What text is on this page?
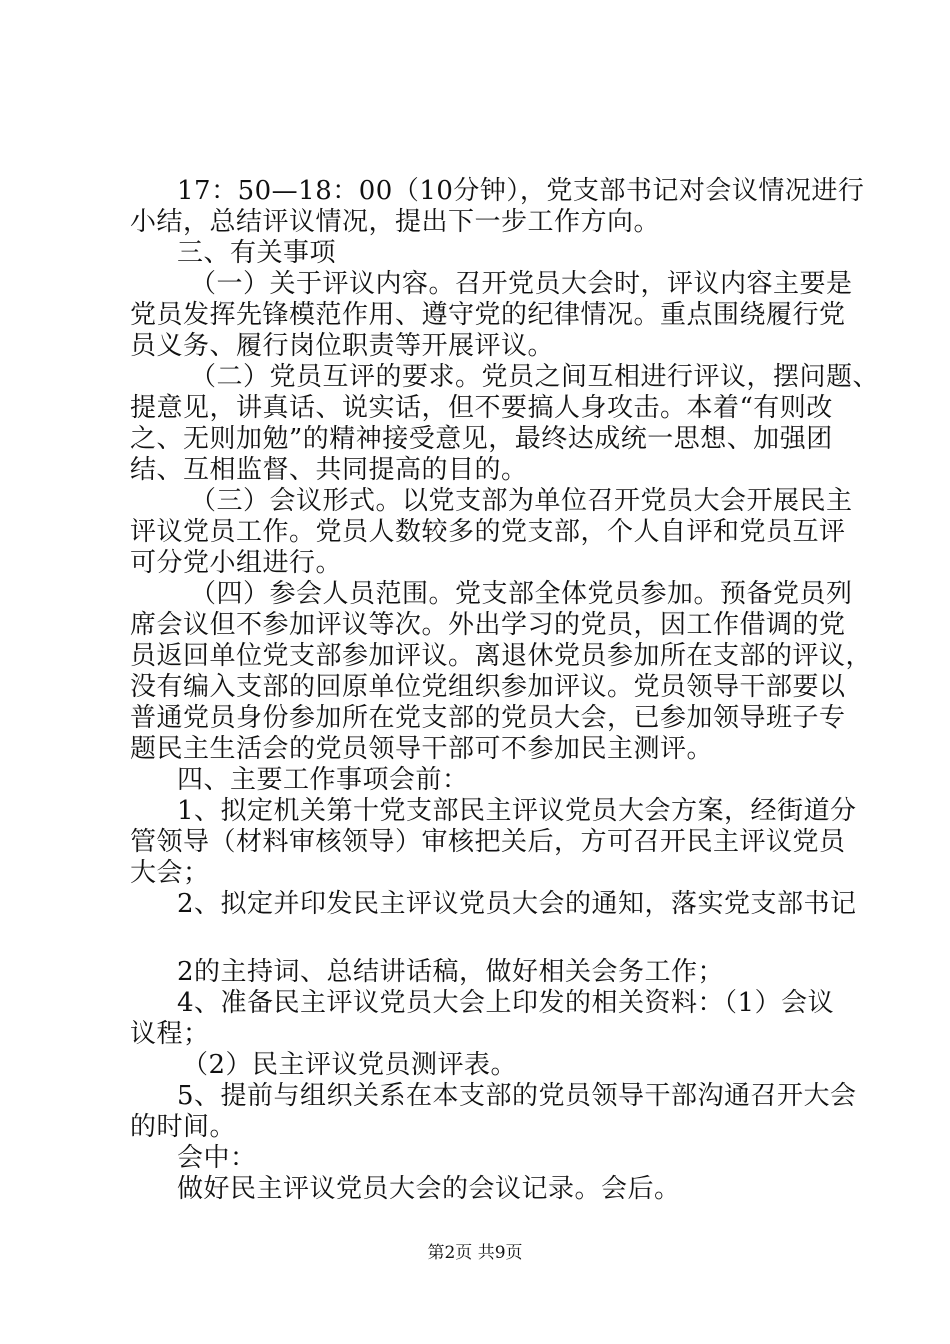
17：50—18：00（10分钟），党支部书记对会议情况进行
小结，总结评议情况，提出下一步工作方向。
三、有关事项
（一）关于评议内容。召开党员大会时，评议内容主要是
党员发挥先锋模范作用、遵守党的纪律情况。重点围绕履行党
员义务、履行岗位职责等开展评议。
（二）党员互评的要求。党员之间互相进行评议，摆问题、
提意见，讲真话、说实话，但不要搞人身攻击。本着“有则改
之、无则加勉”的精神接受意见，最终达成统一思想、加强团
结、互相监督、共同提高的目的。
（三）会议形式。以党支部为单位召开党员大会开展民主
评议党员工作。党员人数较多的党支部，个人自评和党员互评
可分党小组进行。
（四）参会人员范围。党支部全体党员参加。预备党员列
席会议但不参加评议等次。外出学习的党员，因工作借调的党
员返回单位党支部参加评议。离退休党员参加所在支部的评议，
没有编入支部的回原单位党组织参加评议。党员领导干部要以
普通党员身份参加所在党支部的党员大会，已参加领导班子专
题民主生活会的党员领导干部可不参加民主测评。
四、主要工作事项会前：
1、拟定机关第十党支部民主评议党员大会方案，经街道分
管领导（材料审核领导）审核把关后，方可召开民主评议党员
大会；
2、拟定并印发民主评议党员大会的通知，落实党支部书记
2的主持词、总结讲话稿，做好相关会务工作；
4、准备民主评议党员大会上印发的相关资料：（1）会议
议程；
（2）民主评议党员测评表。
5、提前与组织关系在本支部的党员领导干部沟通召开大会
的时间。
会中：
做好民主评议党员大会的会议记录。会后。
第2页 共9页
